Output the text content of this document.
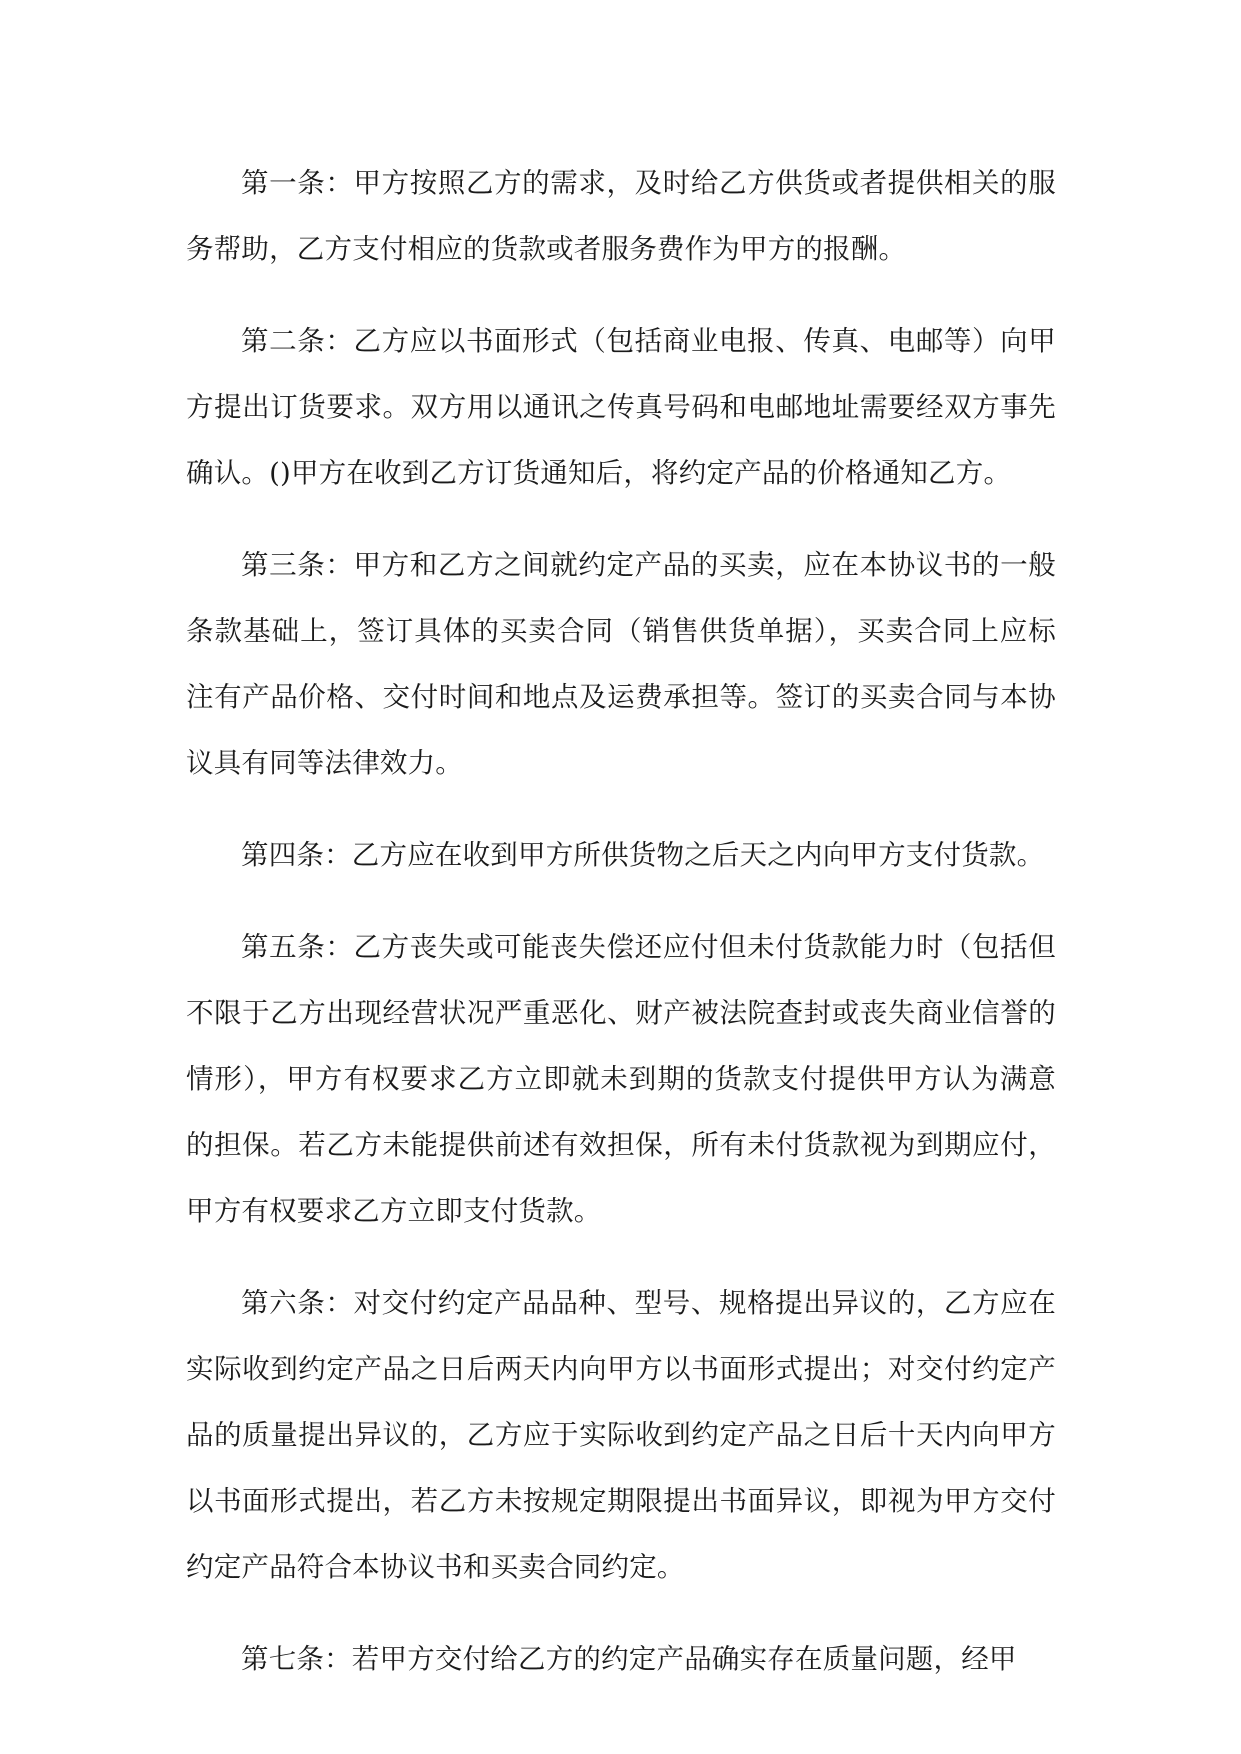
第一条：甲方按照乙方的需求，及时给乙方供货或者提供相关的服务帮助，乙方支付相应的货款或者服务费作为甲方的报酬。

第二条：乙方应以书面形式（包括商业电报、传真、电邮等）向甲方提出订货要求。双方用以通讯之传真号码和电邮地址需要经双方事先确认。()甲方在收到乙方订货通知后，将约定产品的价格通知乙方。

第三条：甲方和乙方之间就约定产品的买卖，应在本协议书的一般条款基础上，签订具体的买卖合同（销售供货单据），买卖合同上应标注有产品价格、交付时间和地点及运费承担等。签订的买卖合同与本协议具有同等法律效力。

第四条：乙方应在收到甲方所供货物之后天之内向甲方支付货款。

第五条：乙方丧失或可能丧失偿还应付但未付货款能力时（包括但不限于乙方出现经营状况严重恶化、财产被法院查封或丧失商业信誉的情形），甲方有权要求乙方立即就未到期的货款支付提供甲方认为满意的担保。若乙方未能提供前述有效担保，所有未付货款视为到期应付，甲方有权要求乙方立即支付货款。

第六条：对交付约定产品品种、型号、规格提出异议的，乙方应在实际收到约定产品之日后两天内向甲方以书面形式提出；对交付约定产品的质量提出异议的，乙方应于实际收到约定产品之日后十天内向甲方以书面形式提出，若乙方未按规定期限提出书面异议，即视为甲方交付约定产品符合本协议书和买卖合同约定。

第七条：若甲方交付给乙方的约定产品确实存在质量问题，经甲
